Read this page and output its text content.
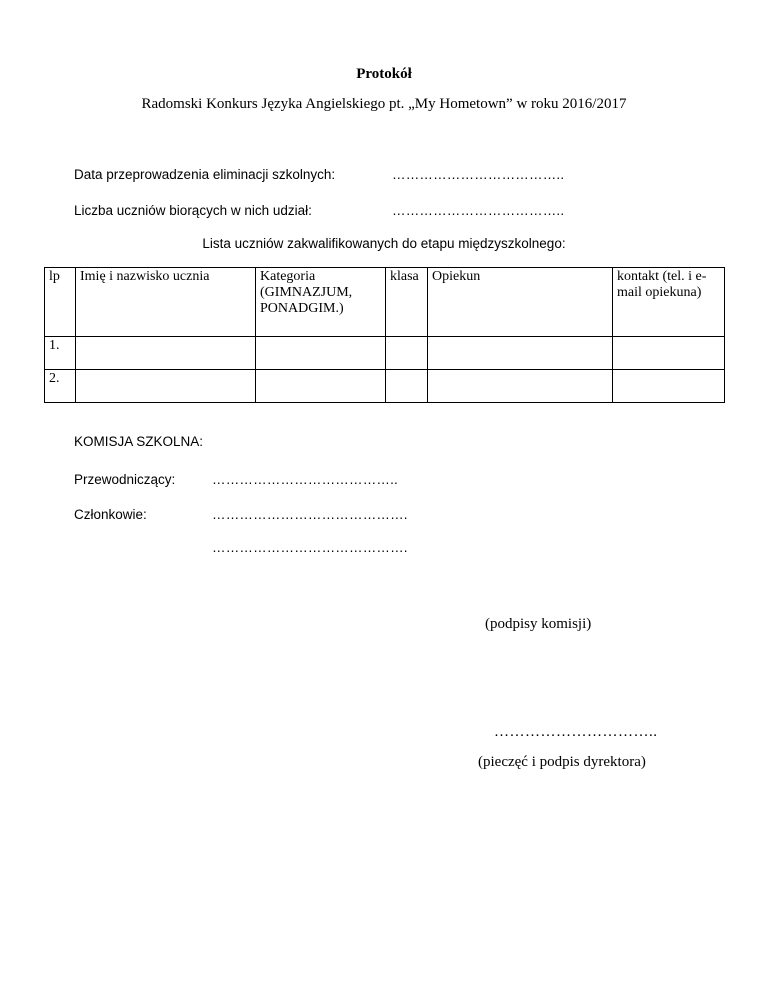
Protokół
Radomski Konkurs Języka Angielskiego pt. „My Hometown” w roku 2016/2017
Data przeprowadzenia eliminacji szkolnych:	………………………………..
Liczba uczniów biorących w nich udział:	………………………………..
Lista uczniów zakwalifikowanych do etapu międzyszkolnego:
lp	Imię i nazwisko ucznia	Kategoria (GIMNAZJUM, PONADGIM.)	klasa	Opiekun	kontakt (tel. i e-mail opiekuna)
1.					
2.					
KOMISJA SZKOLNA:
Przewodniczący:	…………………………………..
Członkowie:	…………………………………….
…………………………………….
(podpisy komisji)
…………………………..
(pieczęć i podpis dyrektora)
